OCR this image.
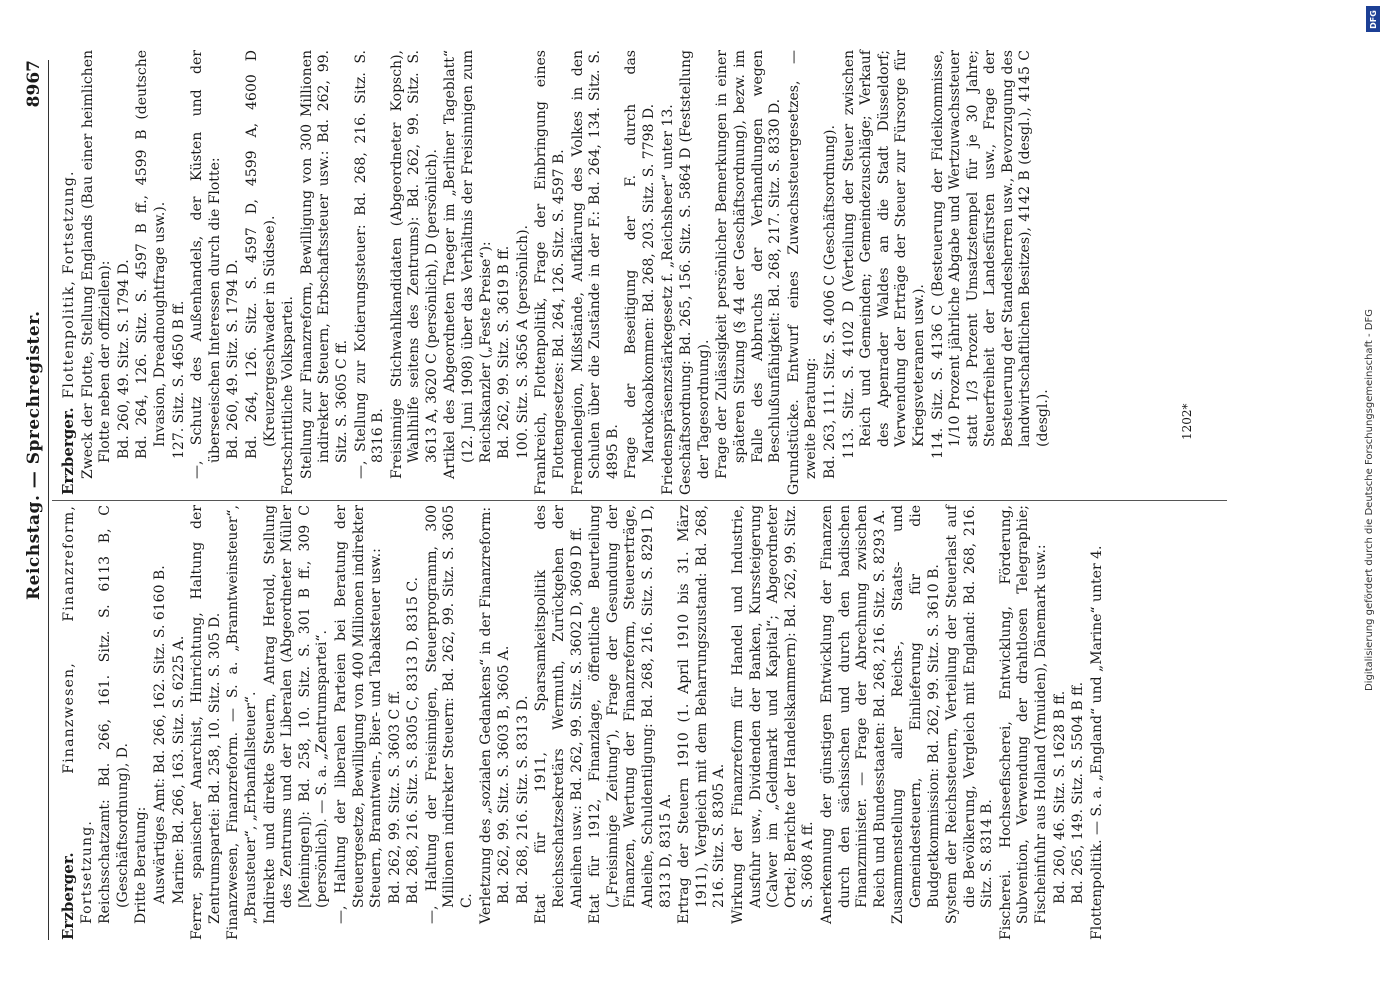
Reichstag. — Sprechregister.
8967

Erzberger.  Finanzwesen, Finanzreform, Fortsetzung. Reichsschatzamt: Bd. 266, 161. Sitz. S. 6113 B, C (Geschäftsordnung), D. Dritte Beratung: Auswärtiges Amt: Bd. 266, 162. Sitz. S. 6160 B. Marine: Bd. 266, 163. Sitz. S. 6225 A. Ferrer, spanischer Anarchist, Hinrichtung, Haltung der Zentrumspartei: Bd. 258, 10. Sitz. S. 305 D. Finanzwesen, Finanzreform. — S. a. „Branntweinsteuer“, „Brausteuer“, „Erbanfallsteuer“. Indirekte und direkte Steuern, Antrag Herold, Stellung des Zentrums und der Liberalen (Abgeordneter Müller [Meiningen]): Bd. 258, 10. Sitz. S. 301 B ff., 309 C (persönlich). — S. a. „Zentrumspartei“. —, Haltung der liberalen Parteien bei Beratung der Steuergesetze, Bewilligung von 400 Millionen indirekter Steuern, Branntwein-, Bier- und Tabaksteuer usw.: Bd. 262, 99. Sitz. S. 3603 C ff. Bd. 268, 216. Sitz. S. 8305 C, 8313 D, 8315 C. —, Haltung der Freisinnigen, Steuerprogramm, 300 Millionen indirekter Steuern: Bd. 262, 99. Sitz. S. 3605 C. Verletzung des „sozialen Gedankens“ in der Finanzreform: Bd. 262, 99. Sitz. S. 3603 B, 3605 A. Bd. 268, 216. Sitz. S. 8313 D. Etat für 1911, Sparsamkeitspolitik des Reichsschatzsekretärs Wermuth, Zurückgehen der Anleihen usw.: Bd. 262, 99. Sitz. S. 3602 D, 3609 D ff. Etat für 1912, Finanzlage, öffentliche Beurteilung („Freisinnige Zeitung“), Frage der Gesundung der Finanzen, Wertung der Finanzreform, Steuererträge, Anleihe, Schuldentilgung: Bd. 268, 216. Sitz. S. 8291 D, 8313 D, 8315 A. Ertrag der Steuern 1910 (1. April 1910 bis 31. März 1911), Vergleich mit dem Beharrungszustand: Bd. 268, 216. Sitz. S. 8305 A. Wirkung der Finanzreform für Handel und Industrie, Ausfuhr usw., Dividenden der Banken, Kurssteigerung (Calwer im „Geldmarkt und Kapital“; Abgeordneter Ortel; Berichte der Handelskammern): Bd. 262, 99. Sitz. S. 3608 A ff. Anerkennung der günstigen Entwicklung der Finanzen durch den sächsischen und durch den badischen Finanzminister. — Frage der Abrechnung zwischen Reich und Bundesstaaten: Bd. 268, 216. Sitz. S. 8293 A. Zusammenstellung aller Reichs-, Staats- und Gemeindesteuern, Einlieferung für die Budgetkommission: Bd. 262, 99. Sitz. S. 3610 B. System der Reichssteuern, Verteilung der Steuerlast auf die Bevölkerung, Vergleich mit England: Bd. 268, 216. Sitz. S. 8314 B. Fischerei. Hochseefischerei, Entwicklung, Förderung, Subvention, Verwendung der drahtlosen Telegraphie; Fischeinfuhr aus Holland (Ymuiden), Dänemark usw.: Bd. 260, 46. Sitz. S. 1628 B ff. Bd. 265, 149. Sitz. S. 5504 B ff. Flottenpolitik. — S. a. „England“ und „Marine“ unter 4.

Erzberger.  Flottenpolitik, Fortsetzung. Zweck der Flotte, Stellung Englands (Bau einer heimlichen Flotte neben der offiziellen): Bd. 260, 49. Sitz. S. 1794 D. Bd. 264, 126. Sitz. S. 4597 B ff., 4599 B (deutsche Invasion, Dreadnoughtfrage usw.). 127. Sitz. S. 4650 B ff. —, Schutz des Außenhandels, der Küsten und der überseeischen Interessen durch die Flotte: Bd. 260, 49. Sitz. S. 1794 D. Bd. 264, 126. Sitz. S. 4597 D, 4599 A, 4600 D (Kreuzergeschwader in Südsee). Fortschrittliche Volkspartei. Stellung zur Finanzreform, Bewilligung von 300 Millionen indirekter Steuern, Erbschaftssteuer usw.: Bd. 262, 99. Sitz. S. 3605 C ff. —, Stellung zur Kotierungssteuer: Bd. 268, 216. Sitz. S. 8316 B. Freisinnige Stichwahlkandidaten (Abgeordneter Kopsch), Wahlhilfe seitens des Zentrums): Bd. 262, 99. Sitz. S. 3613 A, 3620 C (persönlich), D (persönlich). Artikel des Abgeordneten Traeger im „Berliner Tageblatt“ (12. Juni 1908) über das Verhältnis der Freisinnigen zum Reichskanzler („Feste Preise“): Bd. 262, 99. Sitz. S. 3619 B ff. 100. Sitz. S. 3656 A (persönlich). Frankreich, Flottenpolitik, Frage der Einbringung eines Flottengesetzes: Bd. 264, 126. Sitz. S. 4597 B. Fremdenlegion, Mißstände, Aufklärung des Volkes in den Schulen über die Zustände in der F.: Bd. 264, 134. Sitz. S. 4895 B. Frage der Beseitigung der F. durch das Marokkoabkommen: Bd. 268, 203. Sitz. S. 7798 D. Friedenspräsenzstärkegesetz f. „Reichsheer“ unter 13. Geschäftsordnung: Bd. 265, 156. Sitz. S. 5864 D (Feststellung der Tagesordnung). Frage der Zulässigkeit persönlicher Bemerkungen in einer späteren Sitzung (§ 44 der Geschäftsordnung), bezw. im Falle des Abbruchs der Verhandlungen wegen Beschlußunfähigkeit: Bd. 268, 217. Sitz. S. 8330 D. Grundstücke. Entwurf eines Zuwachssteuergesetzes, — zweite Beratung: Bd. 263, 111. Sitz. S. 4006 C (Geschäftsordnung). 113. Sitz. S. 4102 D (Verteilung der Steuer zwischen Reich und Gemeinden; Gemeindezuschläge; Verkauf des Apenrader Waldes an die Stadt Düsseldorf; Verwendung der Erträge der Steuer zur Fürsorge für Kriegsveteranen usw.). 114. Sitz. S. 4136 C (Besteuerung der Fideikommisse, 1/10 Prozent jährliche Abgabe und Wertzuwachssteuer statt 1/3 Prozent Umsatzstempel für je 30 Jahre; Steuerfreiheit der Landesfürsten usw., Frage der Besteuerung der Standesherren usw., Bevorzugung des landwirtschaftlichen Besitzes), 4142 B (desgl.), 4145 C (desgl.).	1202*	Digitalisierung gefördert durch die Deutsche Forschungsgemeinschaft - DFG
DFG
